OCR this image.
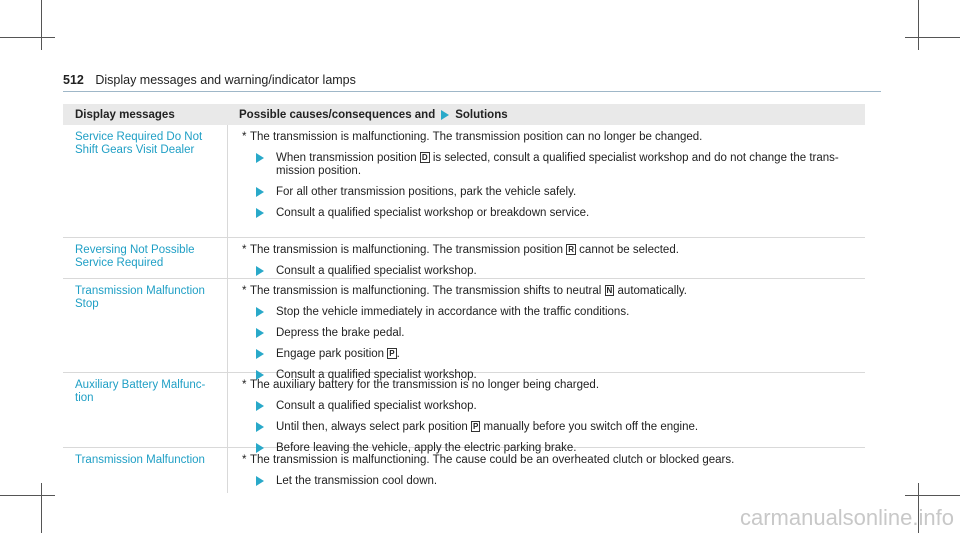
512 Display messages and warning/indicator lamps
Display messages	Possible causes/consequences and Solutions
Service Required Do Not Shift Gears Visit Dealer
* The transmission is malfunctioning. The transmission position can no longer be changed.
When transmission position D is selected, consult a qualified specialist workshop and do not change the trans-
mission position.
For all other transmission positions, park the vehicle safely.
Consult a qualified specialist workshop or breakdown service.
Reversing Not Possible Service Required
* The transmission is malfunctioning. The transmission position R cannot be selected.
Consult a qualified specialist workshop.
Transmission Malfunction Stop
* The transmission is malfunctioning. The transmission shifts to neutral N automatically.
Stop the vehicle immediately in accordance with the traffic conditions.
Depress the brake pedal.
Engage park position P .
Consult a qualified specialist workshop.
Auxiliary Battery Malfunc- tion
* The auxiliary battery for the transmission is no longer being charged.
Consult a qualified specialist workshop.
Until then, always select park position P manually before you switch off the engine.
Before leaving the vehicle, apply the electric parking brake.
Transmission Malfunction	* The transmission is malfunctioning. The cause could be an overheated clutch or blocked gears.
Let the transmission cool down.
carmanualsonline.info
